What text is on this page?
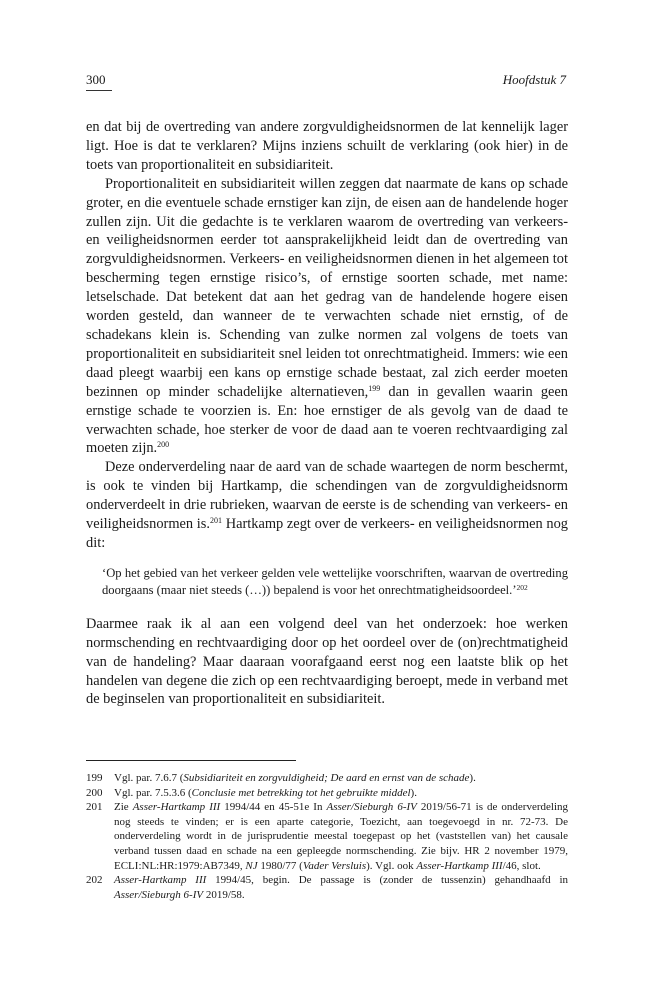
300	Hoofdstuk 7

en dat bij de overtreding van andere zorgvuldigheidsnormen de lat kennelijk lager ligt. Hoe is dat te verklaren? Mijns inziens schuilt de verklaring (ook hier) in de toets van proportionaliteit en subsidiariteit.

Proportionaliteit en subsidiariteit willen zeggen dat naarmate de kans op schade groter, en die eventuele schade ernstiger kan zijn, de eisen aan de handelende hoger zullen zijn. Uit die gedachte is te verklaren waarom de overtreding van verkeers- en veiligheidsnormen eerder tot aansprakelijkheid leidt dan de overtreding van zorgvuldigheidsnormen. Verkeers- en veiligheidsnormen dienen in het algemeen tot bescherming tegen ernstige risico’s, of ernstige soorten schade, met name: letselschade. Dat betekent dat aan het gedrag van de handelende hogere eisen worden gesteld, dan wanneer de te verwachten schade niet ernstig, of de schadekans klein is. Schending van zulke normen zal volgens de toets van proportionaliteit en subsidiariteit snel leiden tot onrechtmatigheid. Immers: wie een daad pleegt waarbij een kans op ernstige schade bestaat, zal zich eerder moeten bezinnen op minder schadelijke alternatieven,$^{199}$ dan in gevallen waarin geen ernstige schade te voorzien is. En: hoe ernstiger de als gevolg van de daad te verwachten schade, hoe sterker de voor de daad aan te voeren rechtvaardiging zal moeten zijn.$^{200}$

Deze onderverdeling naar de aard van de schade waartegen de norm beschermt, is ook te vinden bij Hartkamp, die schendingen van de zorgvuldigheidsnorm onderverdeelt in drie rubrieken, waarvan de eerste is de schending van verkeers- en veiligheidsnormen is.$^{201}$ Hartkamp zegt over de verkeers- en veiligheidsnormen nog dit:

‘Op het gebied van het verkeer gelden vele wettelijke voorschriften, waarvan de overtreding doorgaans (maar niet steeds (…)) bepalend is voor het onrechtmatigheidsoordeel.’$^{202}$

Daarmee raak ik al aan een volgend deel van het onderzoek: hoe werken normschending en rechtvaardiging door op het oordeel over de (on)rechtmatigheid van de handeling? Maar daaraan voorafgaand eerst nog een laatste blik op het handelen van degene die zich op een rechtvaardiging beroept, mede in verband met de beginselen van proportionaliteit en subsidiariteit.

199	Vgl. par. 7.6.7 (Subsidiariteit en zorgvuldigheid; De aard en ernst van de schade).
200	Vgl. par. 7.5.3.6 (Conclusie met betrekking tot het gebruikte middel).
201	Zie Asser-Hartkamp III 1994/44 en 45-51e In Asser/Sieburgh 6-IV 2019/56-71 is de onderverdeling nog steeds te vinden; er is een aparte categorie, Toezicht, aan toegevoegd in nr. 72-73. De onderverdeling wordt in de jurisprudentie meestal toegepast op het (vaststellen van) het causale verband tussen daad en schade na een gepleegde normschending. Zie bijv. HR 2 november 1979, ECLI:NL:HR:1979:AB7349, NJ 1980/77 (Vader Versluis). Vgl. ook Asser-Hartkamp III/46, slot.
202	Asser-Hartkamp III 1994/45, begin. De passage is (zonder de tussenzin) gehandhaafd in Asser/Sieburgh 6-IV 2019/58.
